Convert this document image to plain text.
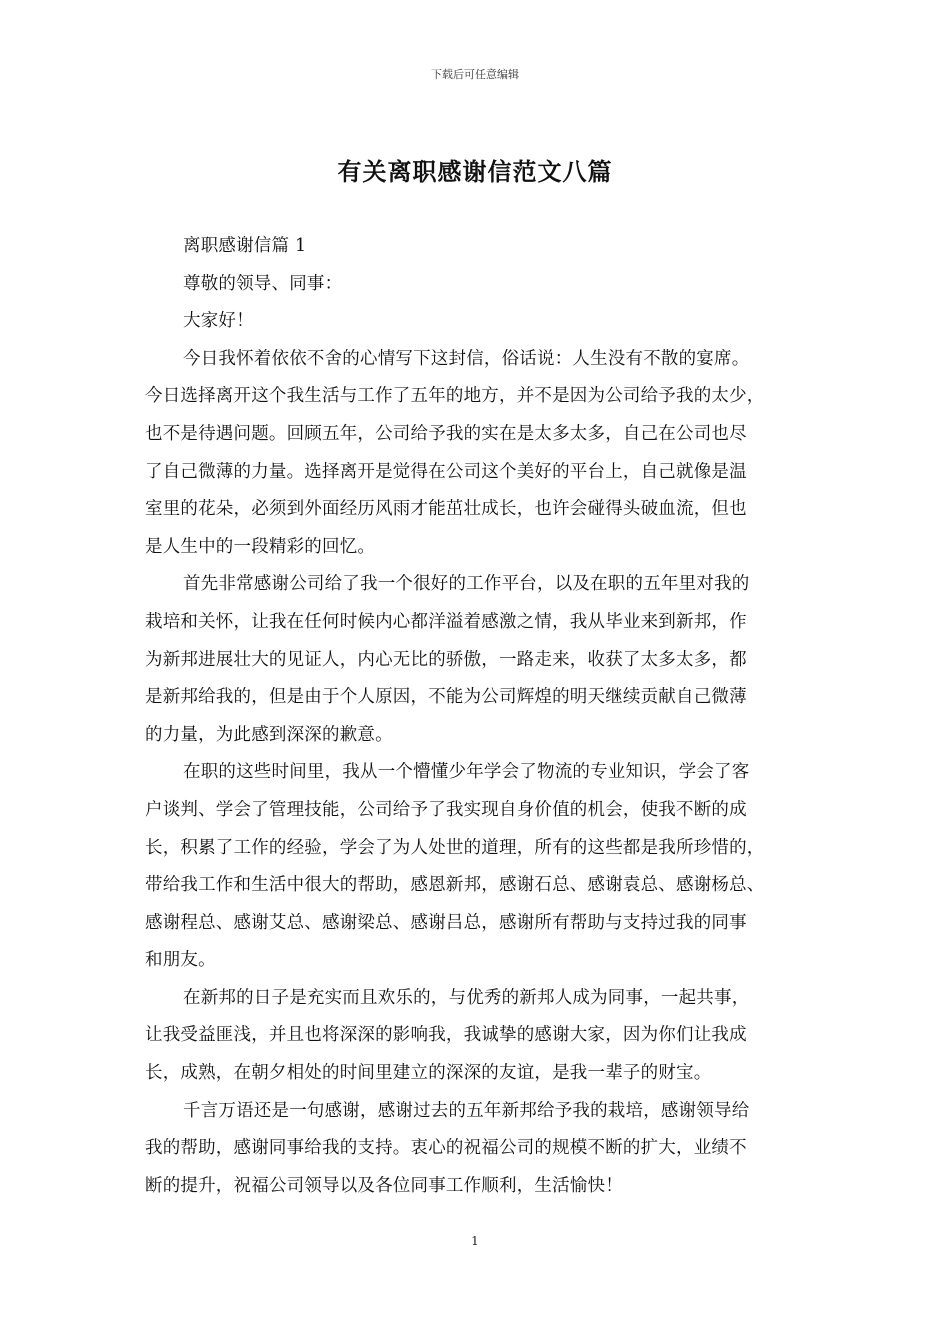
下载后可任意编辑
有关离职感谢信范文八篇

离职感谢信篇 1

尊敬的领导、同事：

大家好！

今日我怀着依依不舍的心情写下这封信，俗话说：人生没有不散的宴席。

今日选择离开这个我生活与工作了五年的地方，并不是因为公司给予我的太少，

也不是待遇问题。回顾五年，公司给予我的实在是太多太多，自己在公司也尽

了自己微薄的力量。选择离开是觉得在公司这个美好的平台上，自己就像是温

室里的花朵，必须到外面经历风雨才能茁壮成长，也许会碰得头破血流，但也

是人生中的一段精彩的回忆。

首先非常感谢公司给了我一个很好的工作平台，以及在职的五年里对我的

栽培和关怀，让我在任何时候内心都洋溢着感激之情，我从毕业来到新邦，作

为新邦进展壮大的见证人，内心无比的骄傲，一路走来，收获了太多太多，都

是新邦给我的，但是由于个人原因，不能为公司辉煌的明天继续贡献自己微薄

的力量，为此感到深深的歉意。

在职的这些时间里，我从一个懵懂少年学会了物流的专业知识，学会了客

户谈判、学会了管理技能，公司给予了我实现自身价值的机会，使我不断的成

长，积累了工作的经验，学会了为人处世的道理，所有的这些都是我所珍惜的，

带给我工作和生活中很大的帮助，感恩新邦，感谢石总、感谢袁总、感谢杨总、

感谢程总、感谢艾总、感谢梁总、感谢吕总，感谢所有帮助与支持过我的同事

和朋友。

在新邦的日子是充实而且欢乐的，与优秀的新邦人成为同事，一起共事，

让我受益匪浅，并且也将深深的影响我，我诚挚的感谢大家，因为你们让我成

长，成熟，在朝夕相处的时间里建立的深深的友谊，是我一辈子的财宝。

千言万语还是一句感谢，感谢过去的五年新邦给予我的栽培，感谢领导给

我的帮助，感谢同事给我的支持。衷心的祝福公司的规模不断的扩大，业绩不

断的提升，祝福公司领导以及各位同事工作顺利，生活愉快！

1
